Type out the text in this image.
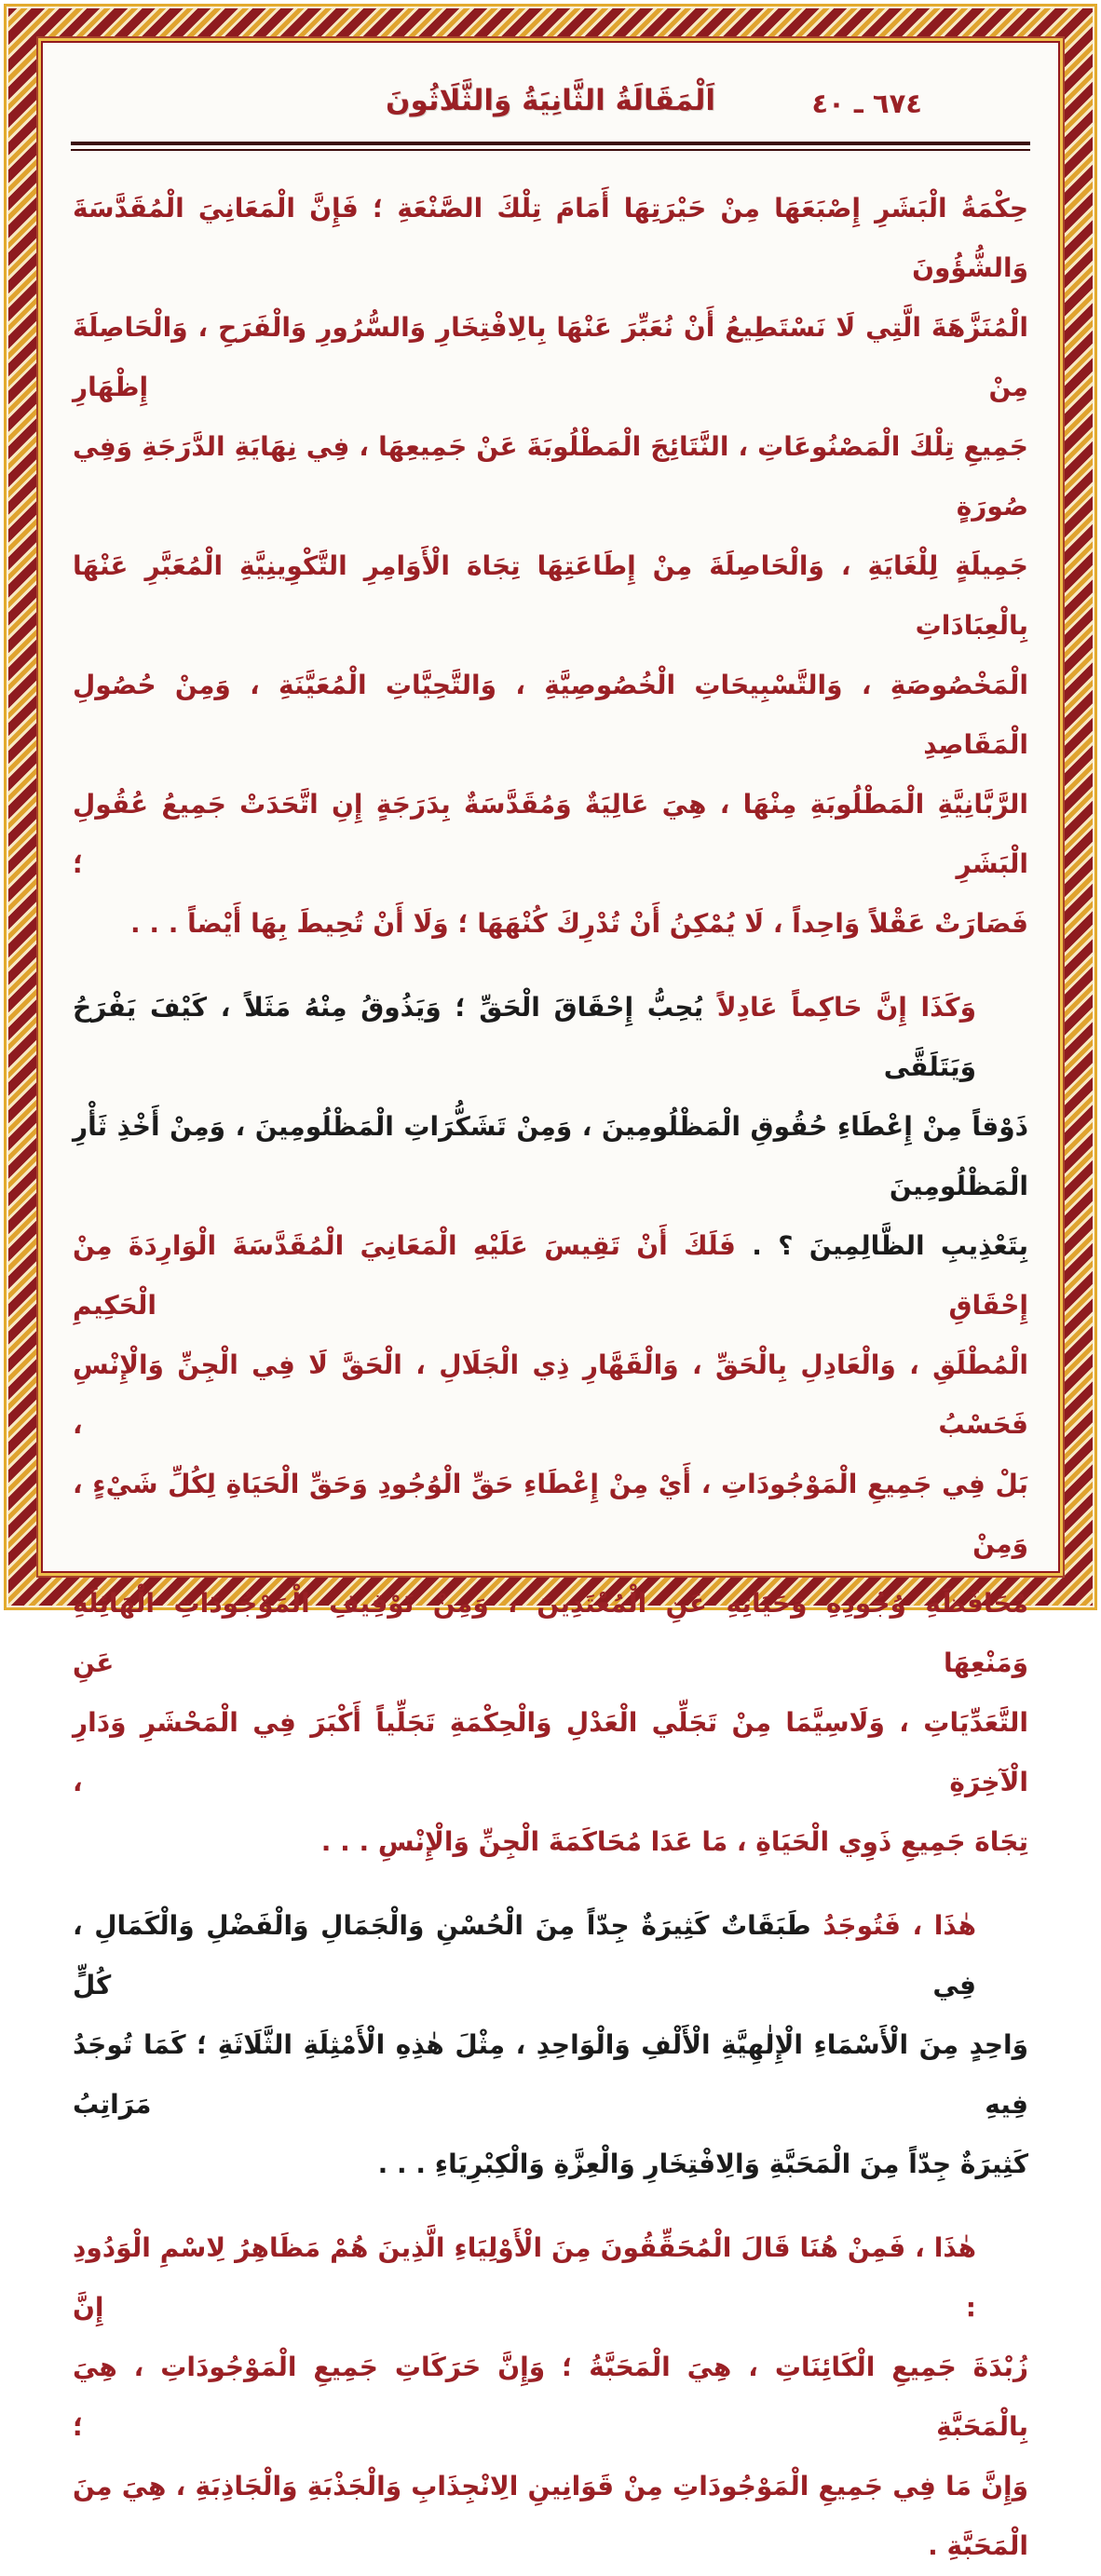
٦٧٤ ـ ٤٠
اَلْمَقَالَةُ الثَّانِيَةُ وَالثَّلَاثُونَ
حِكْمَةُ الْبَشَرِ إِصْبَعَهَا مِنْ حَيْرَتِهَا أَمَامَ تِلْكَ الصَّنْعَةِ ؛ فَإِنَّ الْمَعَانِيَ الْمُقَدَّسَةَ وَالشُّؤُونَ
الْمُنَزَّهَةَ الَّتِي لَا نَسْتَطِيعُ أَنْ نُعَبِّرَ عَنْهَا بِالِافْتِخَارِ وَالسُّرُورِ وَالْفَرَحِ ، وَالْحَاصِلَةَ مِنْ إِظْهَارِ
جَمِيعِ تِلْكَ الْمَصْنُوعَاتِ ، النَّتَائِجَ الْمَطْلُوبَةَ عَنْ جَمِيعِهَا ، فِي نِهَايَةِ الدَّرَجَةِ وَفِي صُورَةٍ
جَمِيلَةٍ لِلْغَايَةِ ، وَالْحَاصِلَةَ مِنْ إِطَاعَتِهَا تِجَاهَ الْأَوَامِرِ التَّكْوِينِيَّةِ الْمُعَبَّرِ عَنْهَا بِالْعِبَادَاتِ
الْمَخْصُوصَةِ ، وَالتَّسْبِيحَاتِ الْخُصُوصِيَّةِ ، وَالتَّحِيَّاتِ الْمُعَيَّنَةِ ، وَمِنْ حُصُولِ الْمَقَاصِدِ
الرَّبَّانِيَّةِ الْمَطْلُوبَةِ مِنْهَا ، هِيَ عَالِيَةٌ وَمُقَدَّسَةٌ بِدَرَجَةٍ إِنِ اتَّحَدَتْ جَمِيعُ عُقُولِ الْبَشَرِ ؛
فَصَارَتْ عَقْلاً وَاحِداً ، لَا يُمْكِنُ أَنْ تُدْرِكَ كُنْهَهَا ؛ وَلَا أَنْ تُحِيطَ بِهَا أَيْضاً . . .
وَكَذَا إِنَّ حَاكِماً عَادِلاً يُحِبُّ إِحْقَاقَ الْحَقِّ ؛ وَيَذُوقُ مِنْهُ مَثَلاً ، كَيْفَ يَفْرَحُ وَيَتَلَقَّى
ذَوْقاً مِنْ إِعْطَاءِ حُقُوقِ الْمَظْلُومِينَ ، وَمِنْ تَشَكُّرَاتِ الْمَظْلُومِينَ ، وَمِنْ أَخْذِ ثَأْرِ الْمَظْلُومِينَ
بِتَعْذِيبِ الظَّالِمِينَ ؟ . فَلَكَ أَنْ تَقِيسَ عَلَيْهِ الْمَعَانِيَ الْمُقَدَّسَةَ الْوَارِدَةَ مِنْ إِحْقَاقِ الْحَكِيمِ
الْمُطْلَقِ ، وَالْعَادِلِ بِالْحَقِّ ، وَالْقَهَّارِ ذِي الْجَلَالِ ، الْحَقَّ لَا فِي الْجِنِّ وَالْإِنْسِ فَحَسْبُ ،
بَلْ فِي جَمِيعِ الْمَوْجُودَاتِ ، أَيْ مِنْ إِعْطَاءِ حَقِّ الْوُجُودِ وَحَقِّ الْحَيَاةِ لِكُلِّ شَيْءٍ ، وَمِنْ
مُحَافَظَةِ وُجُودِهِ وَحَيَاتِهِ عَنِ الْمُعْتَدِينَ ، وَمِنْ تَوْقِيفِ الْمَوْجُودَاتِ الْهَائِلَةِ وَمَنْعِهَا عَنِ
التَّعَدِّيَاتِ ، وَلَاسِيَّمَا مِنْ تَجَلِّي الْعَدْلِ وَالْحِكْمَةِ تَجَلِّياً أَكْبَرَ فِي الْمَحْشَرِ وَدَارِ الْآخِرَةِ ،
تِجَاهَ جَمِيعِ ذَوِي الْحَيَاةِ ، مَا عَدَا مُحَاكَمَةَ الْجِنِّ وَالْإِنْسِ . . .
هٰذَا ، فَتُوجَدُ طَبَقَاتٌ كَثِيرَةٌ جِدّاً مِنَ الْحُسْنِ وَالْجَمَالِ وَالْفَضْلِ وَالْكَمَالِ ، فِي كُلٍّ
وَاحِدٍ مِنَ الْأَسْمَاءِ الْإِلٰهِيَّةِ الْأَلْفِ وَالْوَاحِدِ ، مِثْلَ هٰذِهِ الْأَمْثِلَةِ الثَّلَاثَةِ ؛ كَمَا تُوجَدُ فِيهِ مَرَاتِبُ
كَثِيرَةٌ جِدّاً مِنَ الْمَحَبَّةِ وَالِافْتِخَارِ وَالْعِزَّةِ وَالْكِبْرِيَاءِ . . .
هٰذَا ، فَمِنْ هُنَا قَالَ الْمُحَقِّقُونَ مِنَ الْأَوْلِيَاءِ الَّذِينَ هُمْ مَظَاهِرُ لِاسْمِ الْوَدُودِ : إِنَّ
زُبْدَةَ جَمِيعِ الْكَائِنَاتِ ، هِيَ الْمَحَبَّةُ ؛ وَإِنَّ حَرَكَاتِ جَمِيعِ الْمَوْجُودَاتِ ، هِيَ بِالْمَحَبَّةِ ؛
وَإِنَّ مَا فِي جَمِيعِ الْمَوْجُودَاتِ مِنْ قَوَانِينِ الِانْجِذَابِ وَالْجَذْبَةِ وَالْجَاذِبَةِ ، هِيَ مِنَ الْمَحَبَّةِ .
